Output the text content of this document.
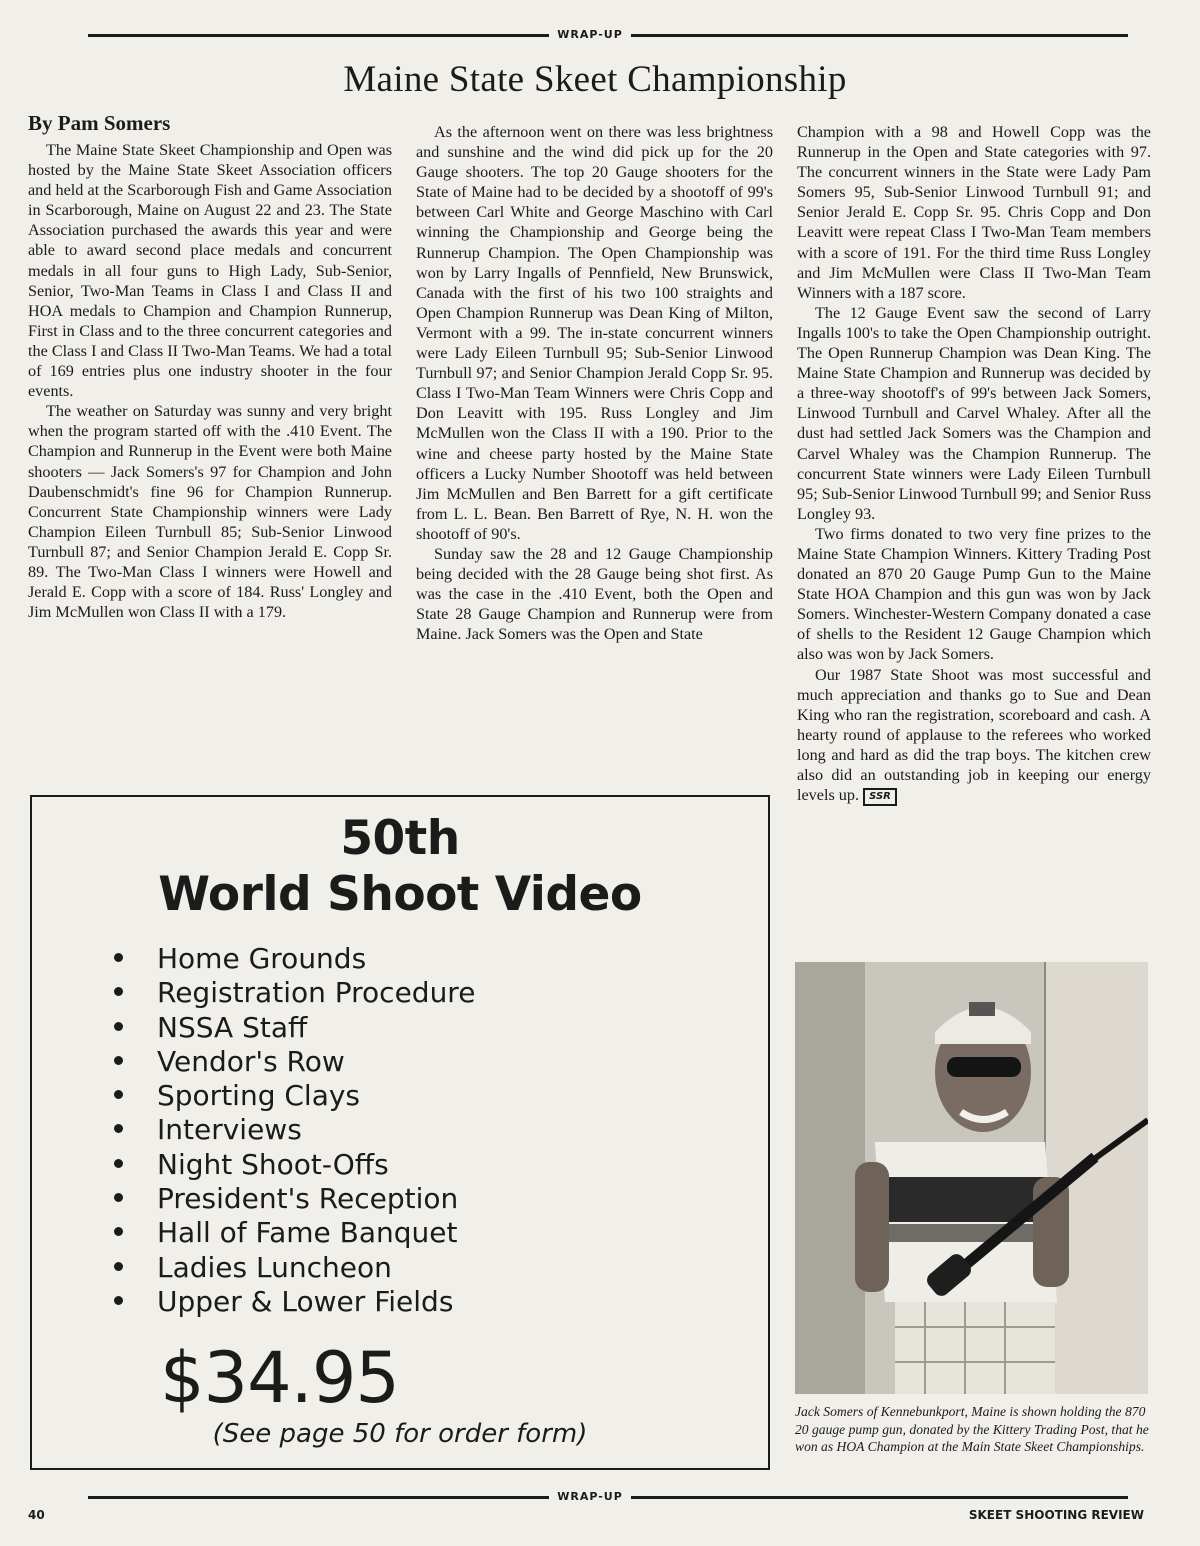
WRAP-UP
Maine State Skeet Championship
By Pam Somers

The Maine State Skeet Championship and Open was hosted by the Maine State Skeet Association officers and held at the Scarborough Fish and Game Association in Scarborough, Maine on August 22 and 23. The State Association purchased the awards this year and were able to award second place medals and concurrent medals in all four guns to High Lady, Sub-Senior, Senior, Two-Man Teams in Class I and Class II and HOA medals to Champion and Champion Runnerup, First in Class and to the three concurrent categories and the Class I and Class II Two-Man Teams. We had a total of 169 entries plus one industry shooter in the four events.

The weather on Saturday was sunny and very bright when the program started off with the .410 Event. The Champion and Runnerup in the Event were both Maine shooters — Jack Somers's 97 for Champion and John Daubenschmidt's fine 96 for Champion Runnerup. Concurrent State Championship winners were Lady Champion Eileen Turnbull 85; Sub-Senior Linwood Turnbull 87; and Senior Champion Jerald E. Copp Sr. 89. The Two-Man Class I winners were Howell and Jerald E. Copp with a score of 184. Russ' Longley and Jim McMullen won Class II with a 179.

As the afternoon went on there was less brightness and sunshine and the wind did pick up for the 20 Gauge shooters. The top 20 Gauge shooters for the State of Maine had to be decided by a shootoff of 99's between Carl White and George Maschino with Carl winning the Championship and George being the Runnerup Champion. The Open Championship was won by Larry Ingalls of Pennfield, New Brunswick, Canada with the first of his two 100 straights and Open Champion Runnerup was Dean King of Milton, Vermont with a 99. The in-state concurrent winners were Lady Eileen Turnbull 95; Sub-Senior Linwood Turnbull 97; and Senior Champion Jerald Copp Sr. 95. Class I Two-Man Team Winners were Chris Copp and Don Leavitt with 195. Russ Longley and Jim McMullen won the Class II with a 190. Prior to the wine and cheese party hosted by the Maine State officers a Lucky Number Shootoff was held between Jim McMullen and Ben Barrett for a gift certificate from L. L. Bean. Ben Barrett of Rye, N. H. won the shootoff of 90's.

Sunday saw the 28 and 12 Gauge Championship being decided with the 28 Gauge being shot first. As was the case in the .410 Event, both the Open and State 28 Gauge Champion and Runnerup were from Maine. Jack Somers was the Open and State

Champion with a 98 and Howell Copp was the Runnerup in the Open and State categories with 97. The concurrent winners in the State were Lady Pam Somers 95, Sub-Senior Linwood Turnbull 91; and Senior Jerald E. Copp Sr. 95. Chris Copp and Don Leavitt were repeat Class I Two-Man Team members with a score of 191. For the third time Russ Longley and Jim McMullen were Class II Two-Man Team Winners with a 187 score.

The 12 Gauge Event saw the second of Larry Ingalls 100's to take the Open Championship outright. The Open Runnerup Champion was Dean King. The Maine State Champion and Runnerup was decided by a three-way shootoff's of 99's between Jack Somers, Linwood Turnbull and Carvel Whaley. After all the dust had settled Jack Somers was the Champion and Carvel Whaley was the Champion Runnerup. The concurrent State winners were Lady Eileen Turnbull 95; Sub-Senior Linwood Turnbull 99; and Senior Russ Longley 93.

Two firms donated to two very fine prizes to the Maine State Champion Winners. Kittery Trading Post donated an 870 20 Gauge Pump Gun to the Maine State HOA Champion and this gun was won by Jack Somers. Winchester-Western Company donated a case of shells to the Resident 12 Gauge Champion which also was won by Jack Somers.

Our 1987 State Shoot was most successful and much appreciation and thanks go to Sue and Dean King who ran the registration, scoreboard and cash. A hearty round of applause to the referees who worked long and hard as did the trap boys. The kitchen crew also did an outstanding job in keeping our energy levels up. SSR

50th
World Shoot Video
Home Grounds
Registration Procedure
NSSA Staff
Vendor's Row
Sporting Clays
Interviews
Night Shoot-Offs
President's Reception
Hall of Fame Banquet
Ladies Luncheon
Upper & Lower Fields
$34.95
(See page 50 for order form)

Jack Somers of Kennebunkport, Maine is shown holding the 870 20 gauge pump gun, donated by the Kittery Trading Post, that he won as HOA Champion at the Main State Skeet Championships.

WRAP-UP
40	SKEET SHOOTING REVIEW
